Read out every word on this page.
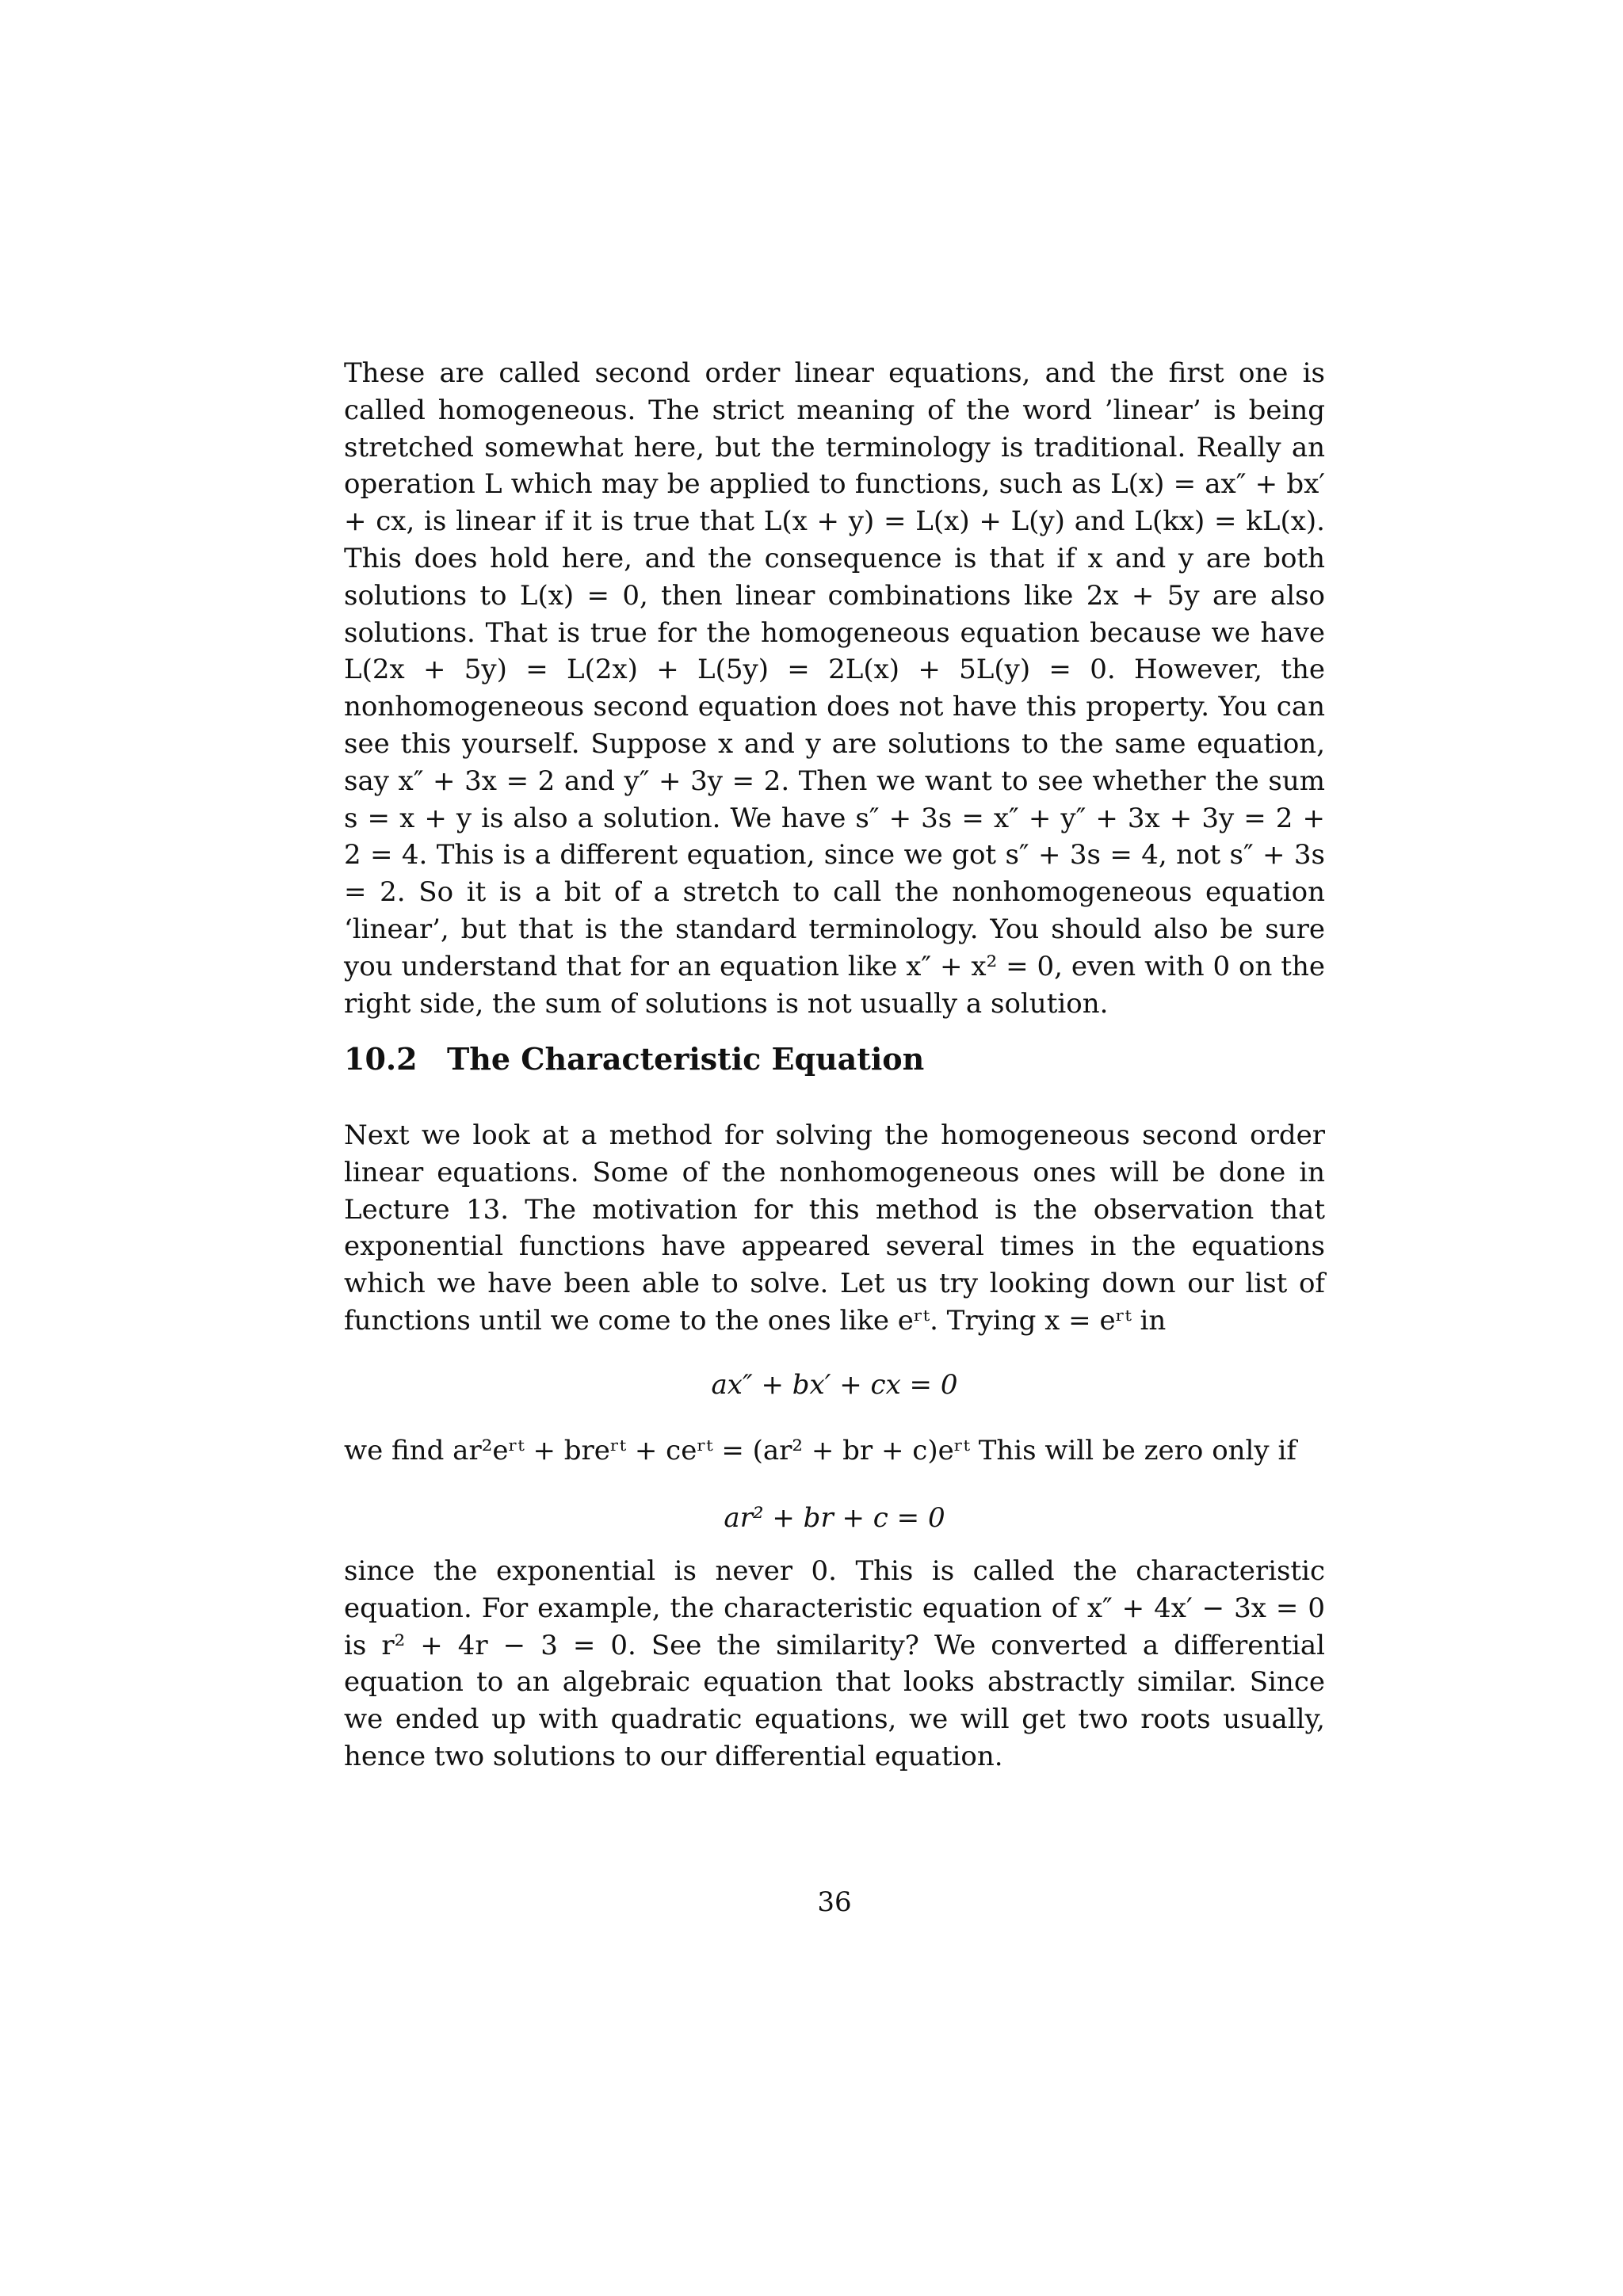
These are called second order linear equations, and the first one is called homogeneous. The strict meaning of the word ’linear’ is being stretched somewhat here, but the terminology is traditional. Really an operation L which may be applied to functions, such as L(x) = ax″ + bx′ + cx, is linear if it is true that L(x + y) = L(x) + L(y) and L(kx) = kL(x). This does hold here, and the consequence is that if x and y are both solutions to L(x) = 0, then linear combinations like 2x + 5y are also solutions. That is true for the homogeneous equation because we have L(2x + 5y) = L(2x) + L(5y) = 2L(x) + 5L(y) = 0. However, the nonhomogeneous second equation does not have this property. You can see this yourself. Suppose x and y are solutions to the same equation, say x″ + 3x = 2 and y″ + 3y = 2. Then we want to see whether the sum s = x + y is also a solution. We have s″ + 3s = x″ + y″ + 3x + 3y = 2 + 2 = 4. This is a different equation, since we got s″ + 3s = 4, not s″ + 3s = 2. So it is a bit of a stretch to call the nonhomogeneous equation ‘linear’, but that is the standard terminology. You should also be sure you understand that for an equation like x″ + x² = 0, even with 0 on the right side, the sum of solutions is not usually a solution.

10.2 The Characteristic Equation

Next we look at a method for solving the homogeneous second order linear equations. Some of the nonhomogeneous ones will be done in Lecture 13. The motivation for this method is the observation that exponential functions have appeared several times in the equations which we have been able to solve. Let us try looking down our list of functions until we come to the ones like eʳᵗ. Trying x = eʳᵗ in

ax″ + bx′ + cx = 0
we find ar²eʳᵗ + breʳᵗ + ceʳᵗ = (ar² + br + c)eʳᵗ This will be zero only if
ar² + br + c = 0

since the exponential is never 0. This is called the characteristic equation. For example, the characteristic equation of x″ + 4x′ − 3x = 0 is r² + 4r − 3 = 0. See the similarity? We converted a differential equation to an algebraic equation that looks abstractly similar. Since we ended up with quadratic equations, we will get two roots usually, hence two solutions to our differential equation.

36
